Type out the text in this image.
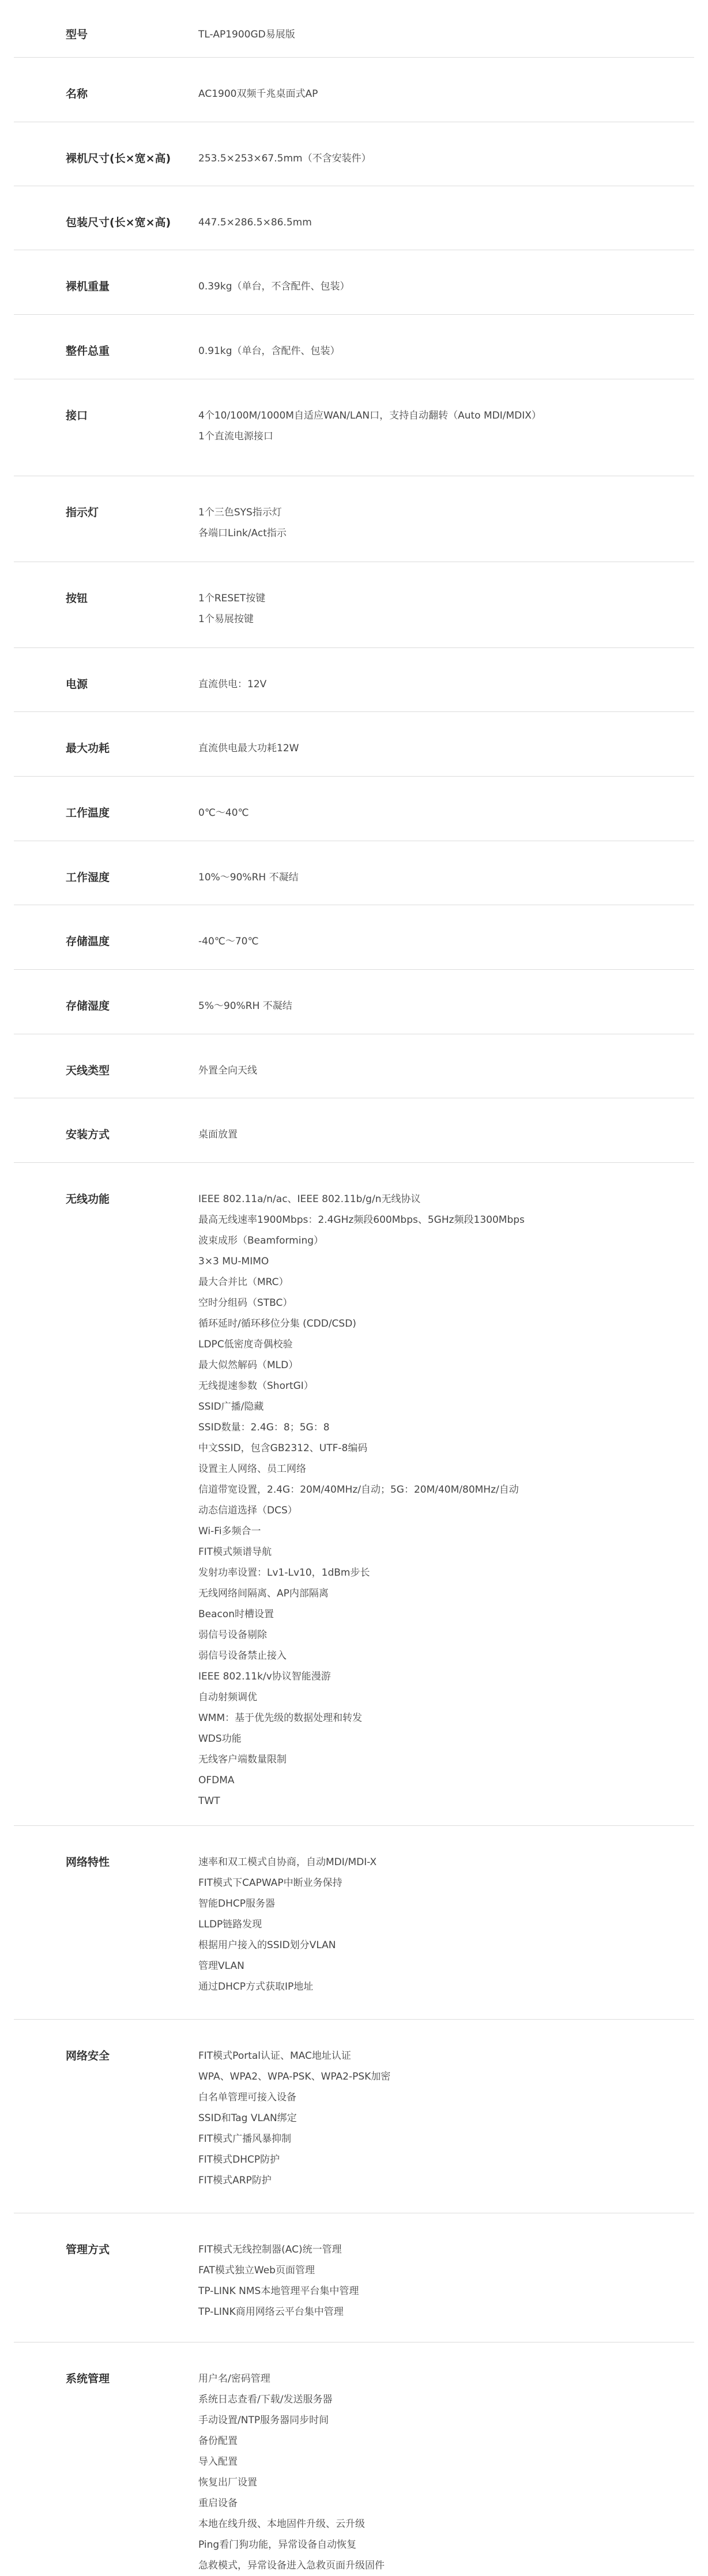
型号	TL-AP1900GD易展版
名称	AC1900双频千兆桌面式AP
裸机尺寸(长×宽×高)	253.5×253×67.5mm（不含安装件）
包装尺寸(长×宽×高)	447.5×286.5×86.5mm
裸机重量	0.39kg（单台，不含配件、包装）
整件总重	0.91kg（单台，含配件、包装）
接口	4个10/100M/1000M自适应WAN/LAN口，支持自动翻转（Auto MDI/MDIX）
1个直流电源接口
指示灯	1个三色SYS指示灯
各端口Link/Act指示
按钮	1个RESET按键
1个易展按键
电源	直流供电：12V
最大功耗	直流供电最大功耗12W
工作温度	0℃～40℃
工作湿度	10%～90%RH 不凝结
存储温度	-40℃～70℃
存储湿度	5%～90%RH 不凝结
天线类型	外置全向天线
安装方式	桌面放置
无线功能	IEEE 802.11a/n/ac、IEEE 802.11b/g/n无线协议
最高无线速率1900Mbps：2.4GHz频段600Mbps、5GHz频段1300Mbps
波束成形（Beamforming）
3×3 MU-MIMO
最大合并比（MRC）
空时分组码（STBC）
循环延时/循环移位分集 (CDD/CSD)
LDPC低密度奇偶校验
最大似然解码（MLD）
无线提速参数（ShortGI）
SSID广播/隐藏
SSID数量：2.4G：8；5G：8
中文SSID，包含GB2312、UTF-8编码
设置主人网络、员工网络
信道带宽设置，2.4G：20M/40MHz/自动；5G：20M/40M/80MHz/自动
动态信道选择（DCS）
Wi-Fi多频合一
FIT模式频谱导航
发射功率设置：Lv1-Lv10，1dBm步长
无线网络间隔离、AP内部隔离
Beacon时槽设置
弱信号设备剔除
弱信号设备禁止接入
IEEE 802.11k/v协议智能漫游
自动射频调优
WMM：基于优先级的数据处理和转发
WDS功能
无线客户端数量限制
OFDMA
TWT
网络特性	速率和双工模式自协商，自动MDI/MDI-X
FIT模式下CAPWAP中断业务保持
智能DHCP服务器
LLDP链路发现
根据用户接入的SSID划分VLAN
管理VLAN
通过DHCP方式获取IP地址
网络安全	FIT模式Portal认证、MAC地址认证
WPA、WPA2、WPA-PSK、WPA2-PSK加密
白名单管理可接入设备
SSID和Tag VLAN绑定
FIT模式广播风暴抑制
FIT模式DHCP防护
FIT模式ARP防护
管理方式	FIT模式无线控制器(AC)统一管理
FAT模式独立Web页面管理
TP-LINK NMS本地管理平台集中管理
TP-LINK商用网络云平台集中管理
系统管理	用户名/密码管理
系统日志查看/下载/发送服务器
手动设置/NTP服务器同步时间
备份配置
导入配置
恢复出厂设置
重启设备
本地在线升级、本地固件升级、云升级
Ping看门狗功能，异常设备自动恢复
急救模式，异常设备进入急救页面升级固件
